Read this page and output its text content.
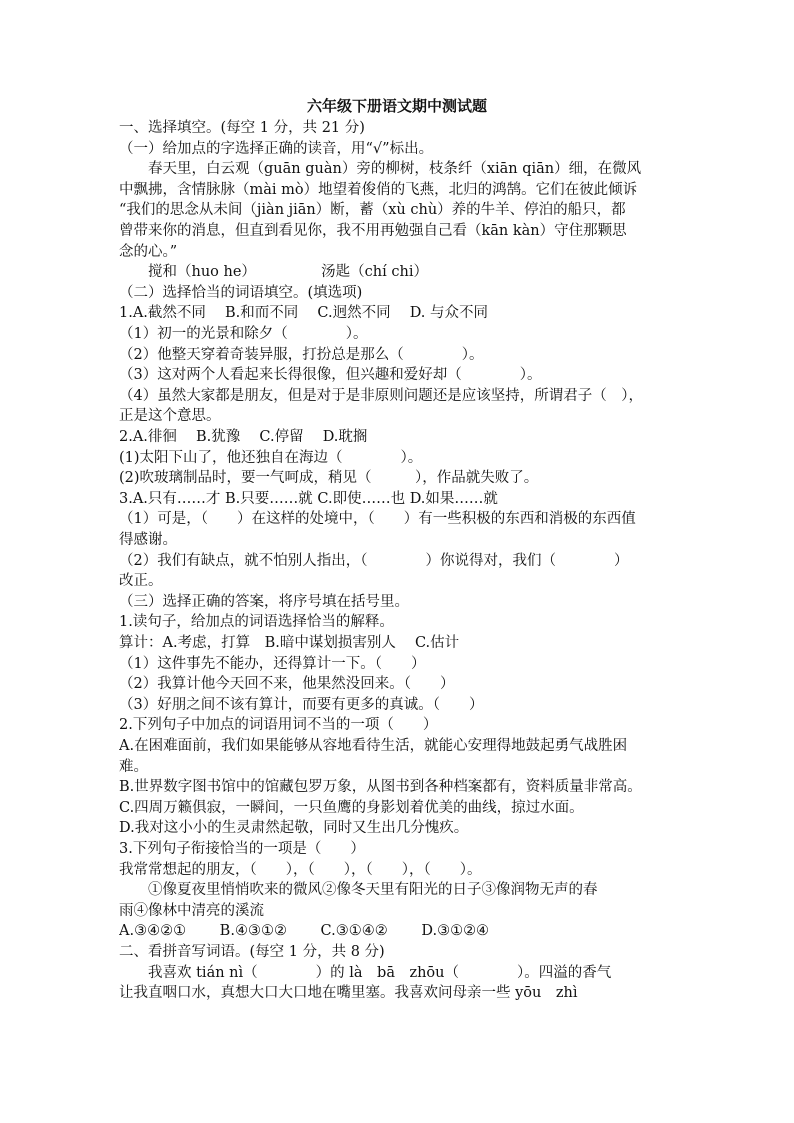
六年级下册语文期中测试题
一、选择填空。(每空 1 分，共 21 分)
（一）给加点的字选择正确的读音，用“√”标出。
　　春天里，白云观（guān guàn）旁的柳树，枝条纤（xiān qiān）细，在微风
中飘拂，含情脉脉（mài mò）地望着俊俏的飞燕，北归的鸿鹄。它们在彼此倾诉
“我们的思念从未间（jiàn jiān）断，蓄（xù chù）养的牛羊、停泊的船只，都
曾带来你的消息，但直到看见你，我不用再勉强自己看（kān kàn）守住那颗思
念的心。”
　　搅和（huo he）　　　　　汤匙（chí chi）
（二）选择恰当的词语填空。(填选项)
1.A.截然不同　 B.和而不同　 C.迥然不同　 D. 与众不同
（1）初一的光景和除夕（　　　　）。
（2）他整天穿着奇装异服，打扮总是那么（　　　　）。
（3）这对两个人看起来长得很像，但兴趣和爱好却（　　　　）。
（4）虽然大家都是朋友，但是对于是非原则问题还是应该坚持，所谓君子（　），
正是这个意思。
2.A.徘徊　 B.犹豫　 C.停留　 D.耽搁
(1)太阳下山了，他还独自在海边（　　　　）。
(2)吹玻璃制品时，要一气呵成，稍见（　　　），作品就失败了。
3.A.只有……才 B.只要……就 C.即使……也 D.如果……就
（1）可是，（　　）在这样的处境中，（　　）有一些积极的东西和消极的东西值
得感谢。
（2）我们有缺点，就不怕别人指出，（　　　　）你说得对，我们（　　　　）
改正。
（三）选择正确的答案，将序号填在括号里。
1.读句子，给加点的词语选择恰当的解释。
算计：A.考虑，打算　B.暗中谋划损害别人　 C.估计
（1）这件事先不能办，还得算计一下。（　　）
（2）我算计他今天回不来，他果然没回来。（　　）
（3）好朋之间不该有算计，而要有更多的真诚。（　　）
2.下列句子中加点的词语用词不当的一项（　　）
A.在困难面前，我们如果能够从容地看待生活，就能心安理得地鼓起勇气战胜困
难。
B.世界数字图书馆中的馆藏包罗万象，从图书到各种档案都有，资料质量非常高。
C.四周万籁俱寂，一瞬间，一只鱼鹰的身影划着优美的曲线，掠过水面。
D.我对这小小的生灵肃然起敬，同时又生出几分愧疚。
3.下列句子衔接恰当的一项是（　　）
我常常想起的朋友，（　　），（　　），（　　），（　　）。
　　①像夏夜里悄悄吹来的微风②像冬天里有阳光的日子③像润物无声的春
雨④像林中清亮的溪流
A.③④②①　　 B.④③①②　　 C.③①④②　　 D.③①②④
二、看拼音写词语。(每空 1 分，共 8 分)
　　我喜欢 tián nì（　　　　）的 là　bā　zhōu（　　　　）。四溢的香气
让我直咽口水，真想大口大口地在嘴里塞。我喜欢问母亲一些 yōu　zhì
